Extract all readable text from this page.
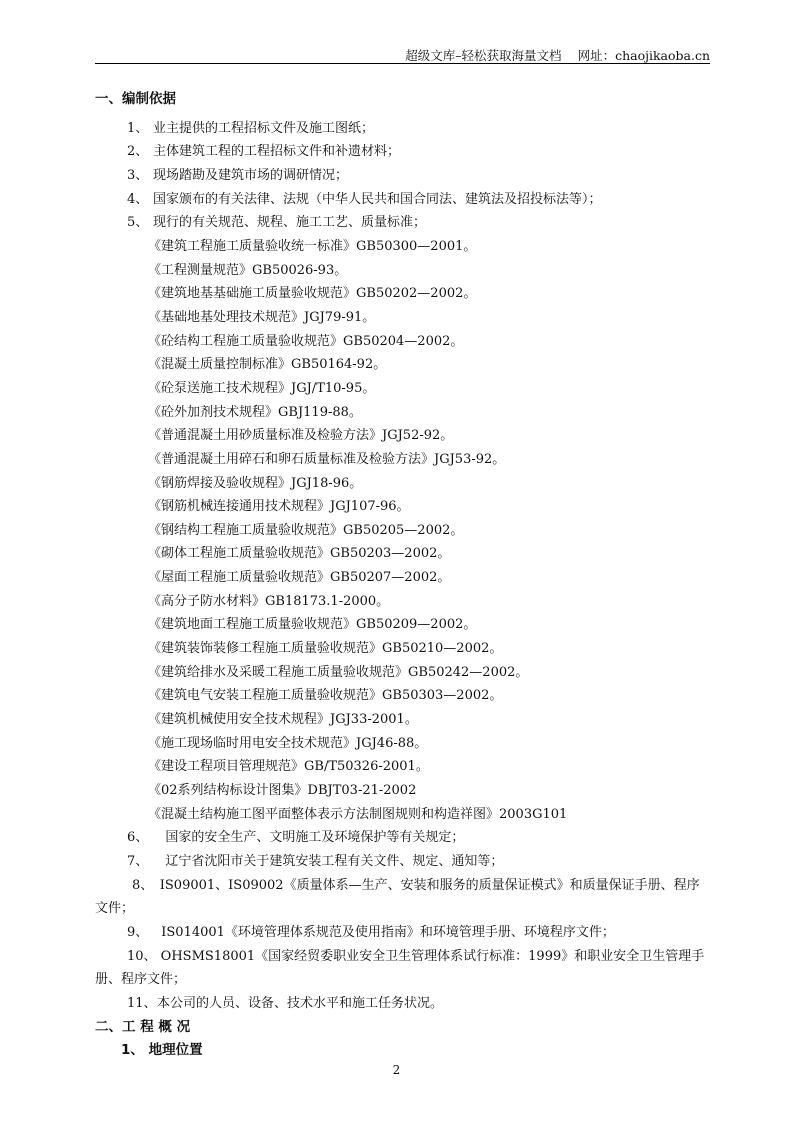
超级文库–轻松获取海量文档 网址：chaojikaoba.cn
一、编制依据
1、 业主提供的工程招标文件及施工图纸；
2、 主体建筑工程的工程招标文件和补遗材料；
3、 现场踏勘及建筑市场的调研情况；
4、 国家颁布的有关法律、法规（中华人民共和国合同法、建筑法及招投标法等）；
5、 现行的有关规范、规程、施工工艺、质量标准；
《建筑工程施工质量验收统一标准》GB50300—2001。
《工程测量规范》GB50026-93。
《建筑地基基础施工质量验收规范》GB50202—2002。
《基础地基处理技术规范》JGJ79-91。
《砼结构工程施工质量验收规范》GB50204—2002。
《混凝土质量控制标准》GB50164-92。
《砼泵送施工技术规程》JGJ/T10-95。
《砼外加剂技术规程》GBJ119-88。
《普通混凝土用砂质量标准及检验方法》JGJ52-92。
《普通混凝土用碎石和卵石质量标准及检验方法》JGJ53-92。
《钢筋焊接及验收规程》JGJ18-96。
《钢筋机械连接通用技术规程》JGJ107-96。
《钢结构工程施工质量验收规范》GB50205—2002。
《砌体工程施工质量验收规范》GB50203—2002。
《屋面工程施工质量验收规范》GB50207—2002。
《高分子防水材料》GB18173.1-2000。
《建筑地面工程施工质量验收规范》GB50209—2002。
《建筑装饰装修工程施工质量验收规范》GB50210—2002。
《建筑给排水及采暖工程施工质量验收规范》GB50242—2002。
《建筑电气安装工程施工质量验收规范》GB50303—2002。
《建筑机械使用安全技术规程》JGJ33-2001。
《施工现场临时用电安全技术规范》JGJ46-88。
《建设工程项目管理规范》GB/T50326-2001。
《02系列结构标设计图集》DBJT03-21-2002
《混凝土结构施工图平面整体表示方法制图规则和构造祥图》2003G101
6、 国家的安全生产、文明施工及环境保护等有关规定；
7、 辽宁省沈阳市关于建筑安装工程有关文件、规定、通知等；
8、　IS09001、IS09002《质量体系—生产、安装和服务的质量保证模式》和质量保证手册、程序文件；
9、 IS014001《环境管理体系规范及使用指南》和环境管理手册、环境程序文件；
10、 OHSMS18001《国家经贸委职业安全卫生管理体系试行标准：1999》和职业安全卫生管理手册、程序文件；
11、本公司的人员、设备、技术水平和施工任务状况。
二、工 程 概 况
1、 地理位置
2
